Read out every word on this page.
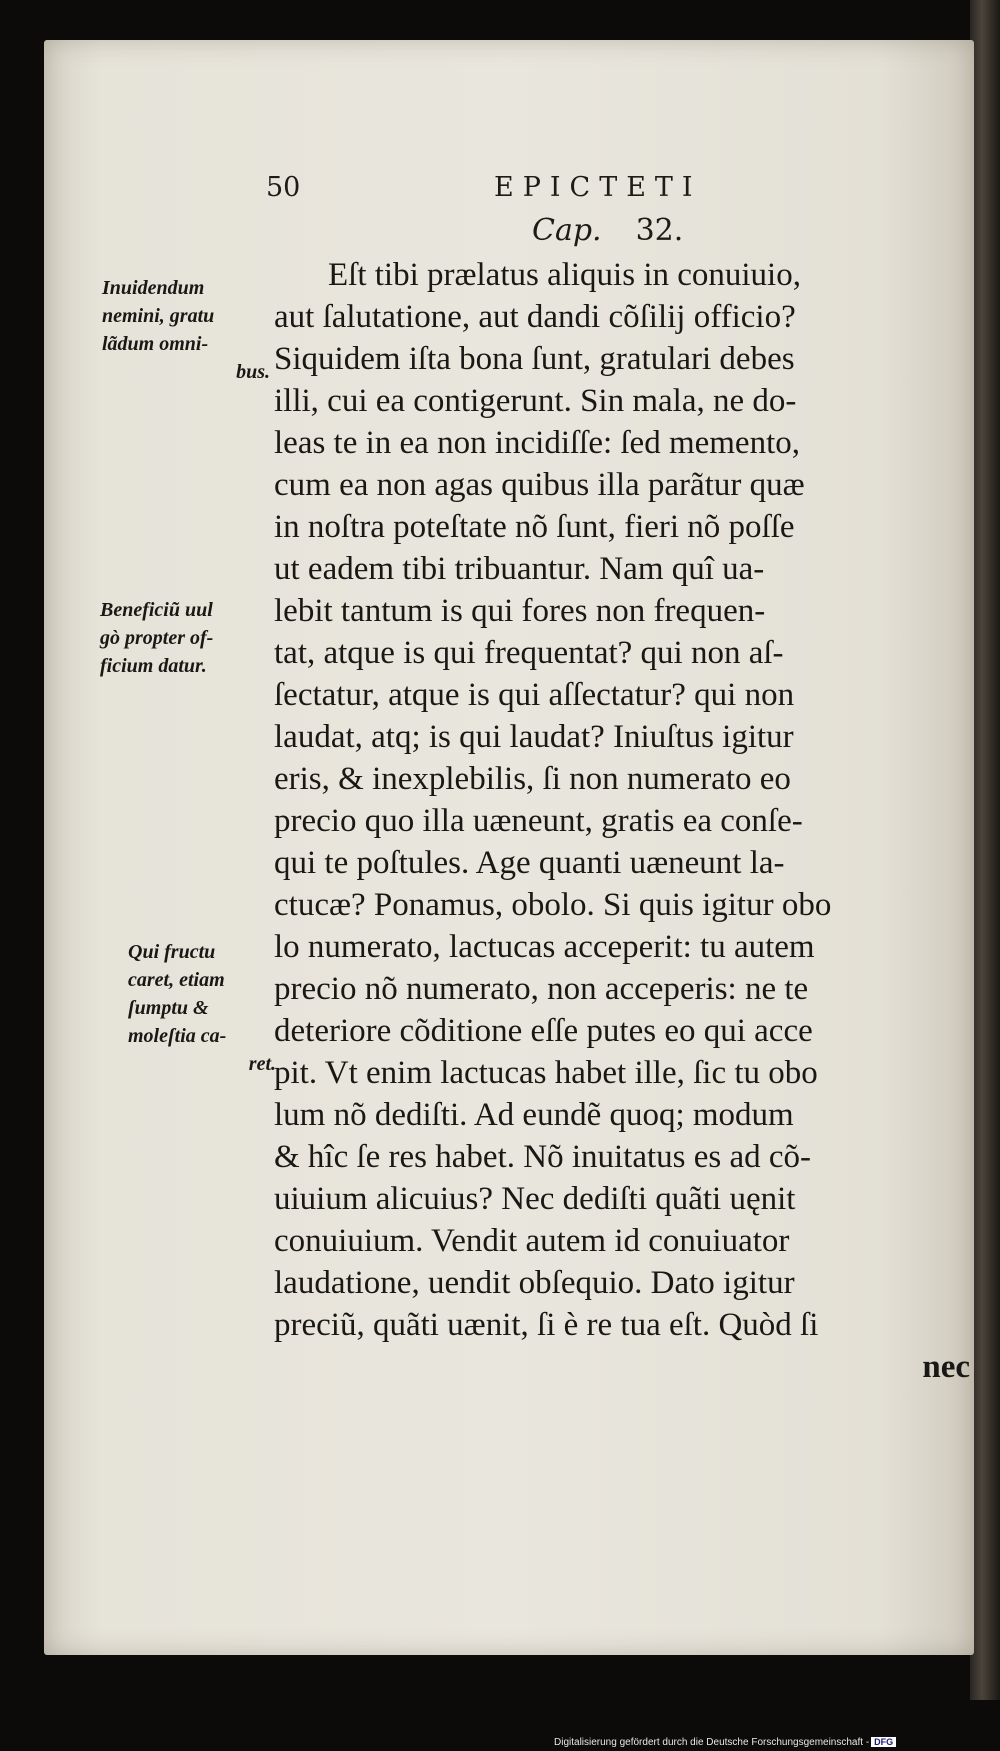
50	EPICTETI
Cap. 32.
Inuidendum
nemini, gratu
lãdum omni-
bus.
Beneficiũ uul
gò propter of-
ficium datur.
Qui fructu
caret, etiam
ſumptu &
moleſtia ca-
ret.
Eſt tibi prælatus aliquis in conuiuio,
aut ſalutatione, aut dandi cõſilij officio?
Siquidem iſta bona ſunt, gratulari debes
illi, cui ea contigerunt. Sin mala, ne do-
leas te in ea non incidiſſe: ſed memento,
cum ea non agas quibus illa parãtur quæ
in noſtra poteſtate nõ ſunt, fieri nõ poſſe
ut eadem tibi tribuantur. Nam quî ua-
lebit tantum is qui fores non frequen-
tat, atque is qui frequentat? qui non aſ-
ſectatur, atque is qui aſſectatur? qui non
laudat, atq; is qui laudat? Iniuſtus igitur
eris, & inexplebilis, ſi non numerato eo
precio quo illa uæneunt, gratis ea conſe-
qui te poſtules. Age quanti uæneunt la-
ctucæ? Ponamus, obolo. Si quis igitur obo
lo numerato, lactucas acceperit: tu autem
precio nõ numerato, non acceperis: ne te
deteriore cõditione eſſe putes eo qui acce
pit. Vt enim lactucas habet ille, ſic tu obo
lum nõ dediſti. Ad eundẽ quoq; modum
& hîc ſe res habet. Nõ inuitatus es ad cõ-
uiuium alicuius? Nec dediſti quãti uęnit
conuiuium. Vendit autem id conuiuator
laudatione, uendit obſequio. Dato igitur
preciũ, quãti uænit, ſi è re tua eſt. Quòd ſi
nec
Digitalisierung gefördert durch die Deutsche Forschungsgemeinschaft - DFG
